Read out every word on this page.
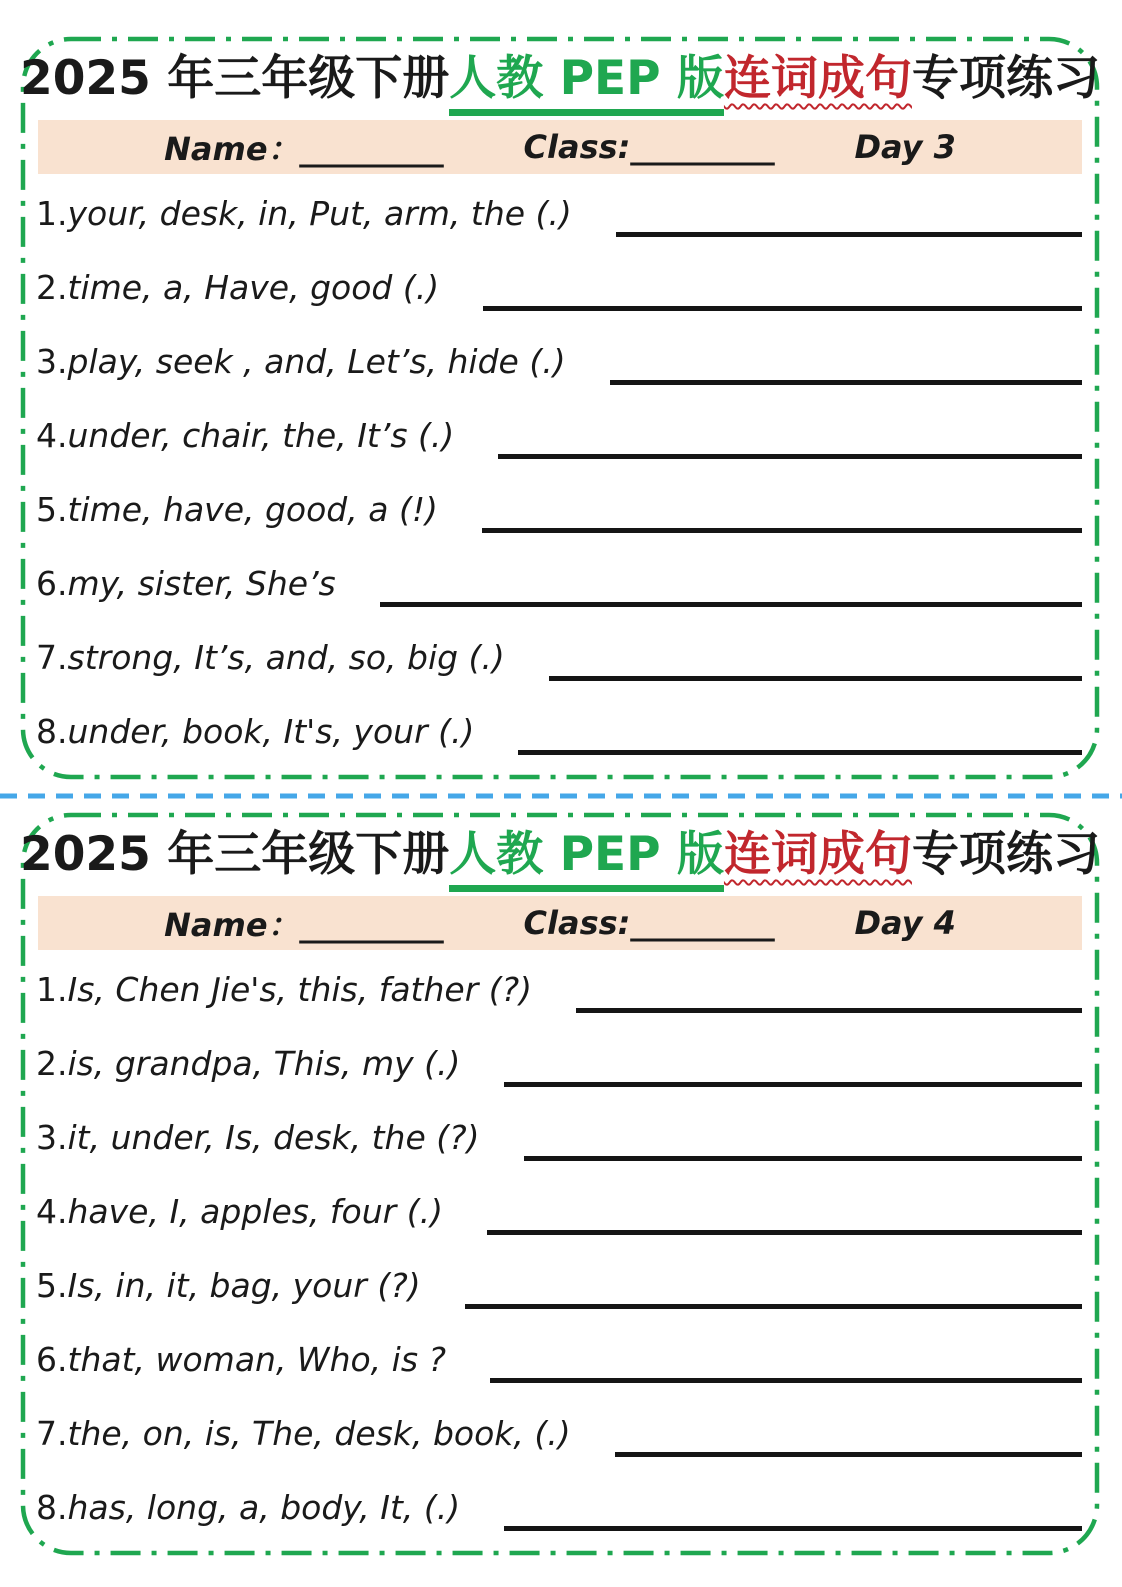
2025 年三年级下册人教 PEP 版连词成句专项练习
Name： _________	Class: _________	Day 3
1. your, desk, in, Put, arm, the (.)
2. time, a, Have, good (.)
3. play, seek , and, Let’s, hide (.)
4. under, chair, the, It’s (.)
5. time, have, good, a (!)
6. my, sister, She’s
7. strong, It’s, and, so, big (.)
8. under, book, It's, your (.)
2025 年三年级下册人教 PEP 版连词成句专项练习
Name： _________	Class: _________	Day 4
1. Is, Chen Jie's, this, father (?)
2. is, grandpa, This, my (.)
3. it, under, Is, desk, the (?)
4. have, I, apples, four (.)
5. Is, in, it, bag, your (?)
6. that, woman, Who, is ?
7. the, on, is, The, desk, book, (.)
8. has, long, a, body, It, (.)
